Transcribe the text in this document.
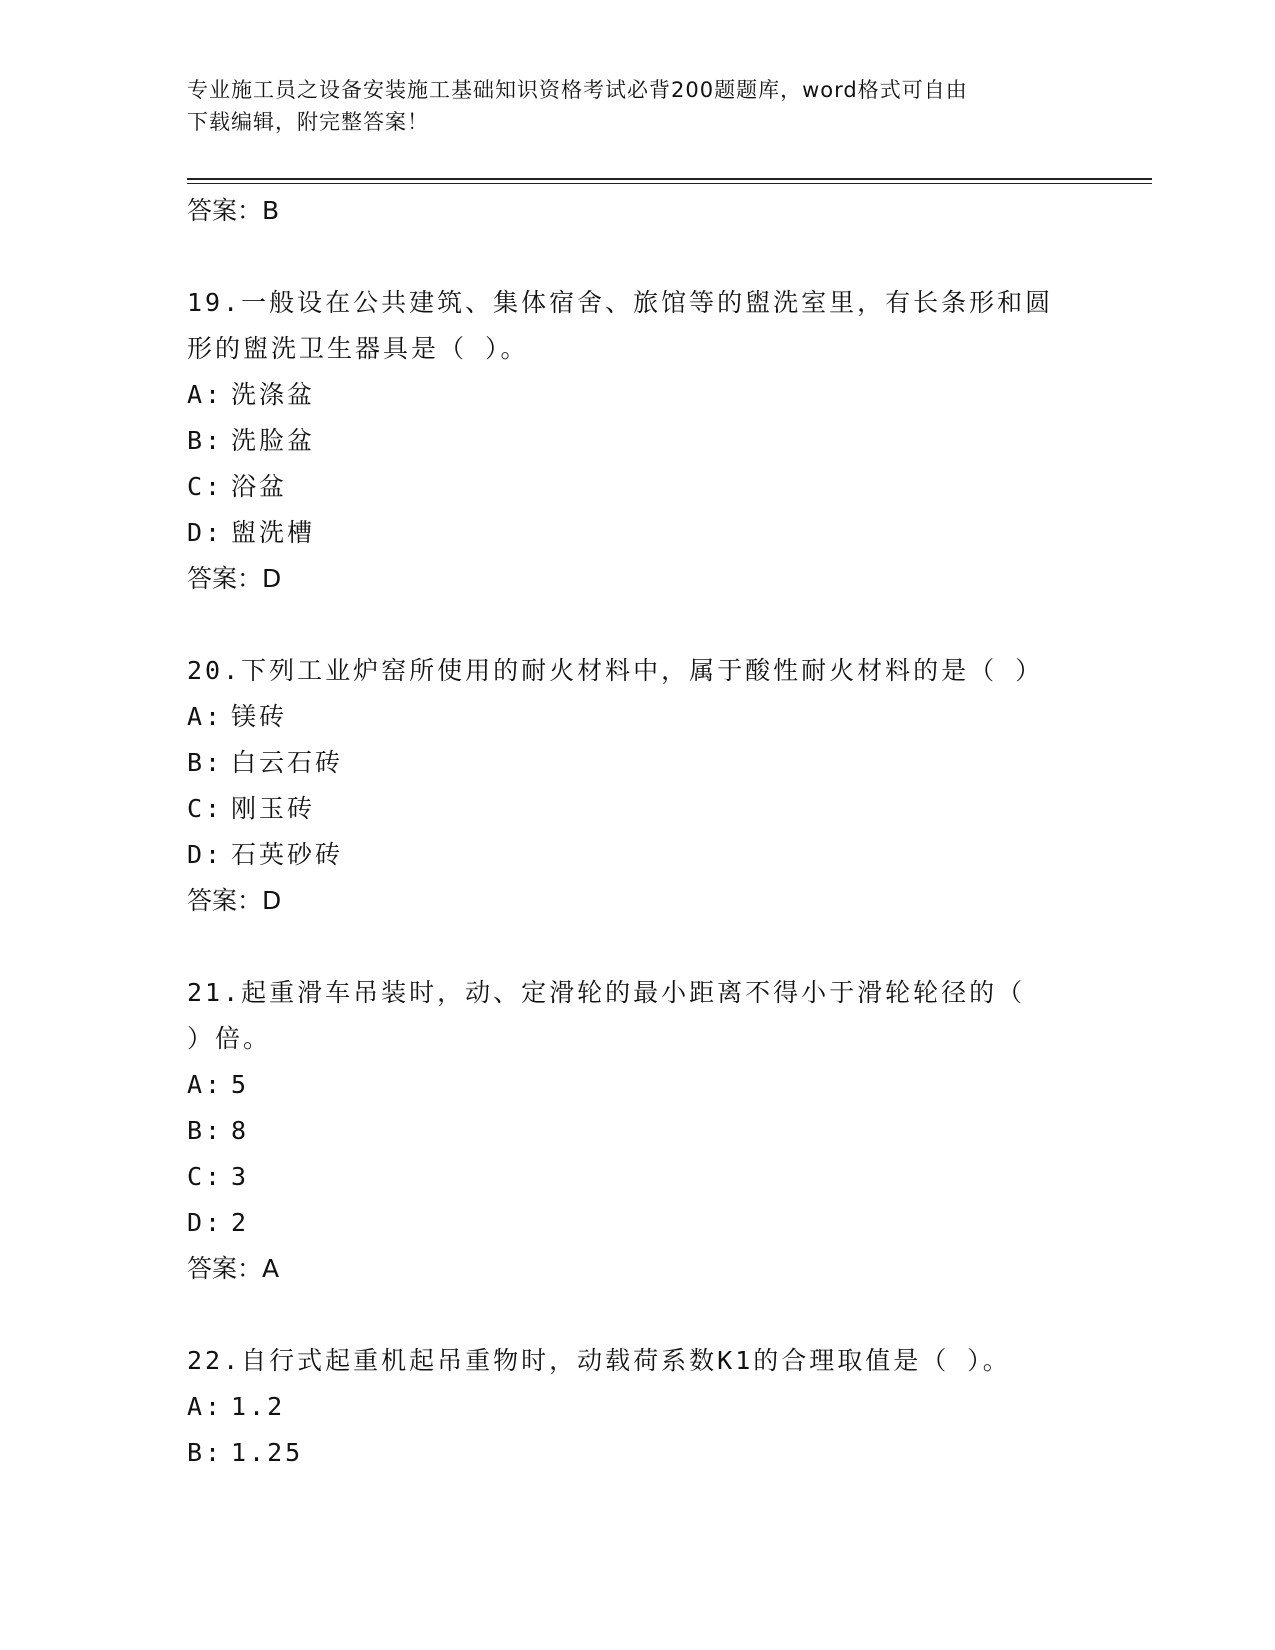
专业施工员之设备安装施工基础知识资格考试必背200题题库，word格式可自由
下载编辑，附完整答案！
答案：B
19.一般设在公共建筑、集体宿舍、旅馆等的盥洗室里，有长条形和圆
形的盥洗卫生器具是（ ）。
A: 洗涤盆
B: 洗脸盆
C: 浴盆
D: 盥洗槽
答案：D
20.下列工业炉窑所使用的耐火材料中，属于酸性耐火材料的是（ ）
A: 镁砖
B: 白云石砖
C: 刚玉砖
D: 石英砂砖
答案：D
21.起重滑车吊装时，动、定滑轮的最小距离不得小于滑轮轮径的（
）倍。
A: 5
B: 8
C: 3
D: 2
答案：A
22.自行式起重机起吊重物时，动载荷系数K1的合理取值是（ ）。
A: 1.2
B: 1.25
